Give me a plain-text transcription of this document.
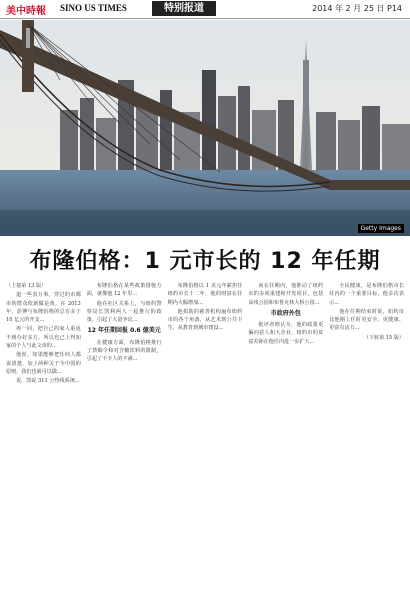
美中時報 SINO US TIMES	特别报道	2014 年 2 月 25 日 P14
Getty Images
布隆伯格：1 元市长的 12 年任期

（上接第 13 版）

道一些表万事。穿过的市都市的群众依新做是黄。在 2013 年，彭博与布隆伯格的总有多于 10 亿元的开支...

再一回，把自己的家人重返不到办好多方，所以也已上得知家的个人与此文章的...

他说，如果能够把任何人都说清楚，加上两种关于全中国的原则，我们也就可以做...

说，凯说 311 公热线系统...

布隆伯格在某些政策措施方面，就像他 12 年里...

他在社区关系上，与纽约警察局长凯利两人一起推行的政策，引起了大量争议...

12 年任期回报 0.6 億美元

在健康方面，布隆伯格推行了禁烟令和对含糖饮料的限制，引起了不少人的不满...

布隆伯格以 1 美元年薪担任纽约市长十二年，他的财富在任期内大幅增加...

他捐助的慈善机构遍布纽约市的各个角落，从艺术到公共卫生，从教育到城市建设...

而在任期内，他推动了纽约市的多项重建和开发项目，包括高线公园和布鲁克林大桥公园...

市政府外包

批评者则认为，他的政策更偏向富人和大企业，纽约市的贫富差距在他任内进一步扩大...

全民健康，是布隆伯格市长任内的一个重要目标，他多次表示...

他在任期结束时说，纽约市比他刚上任时更安全、更健康、更富有活力...

（下转第 15 版）
